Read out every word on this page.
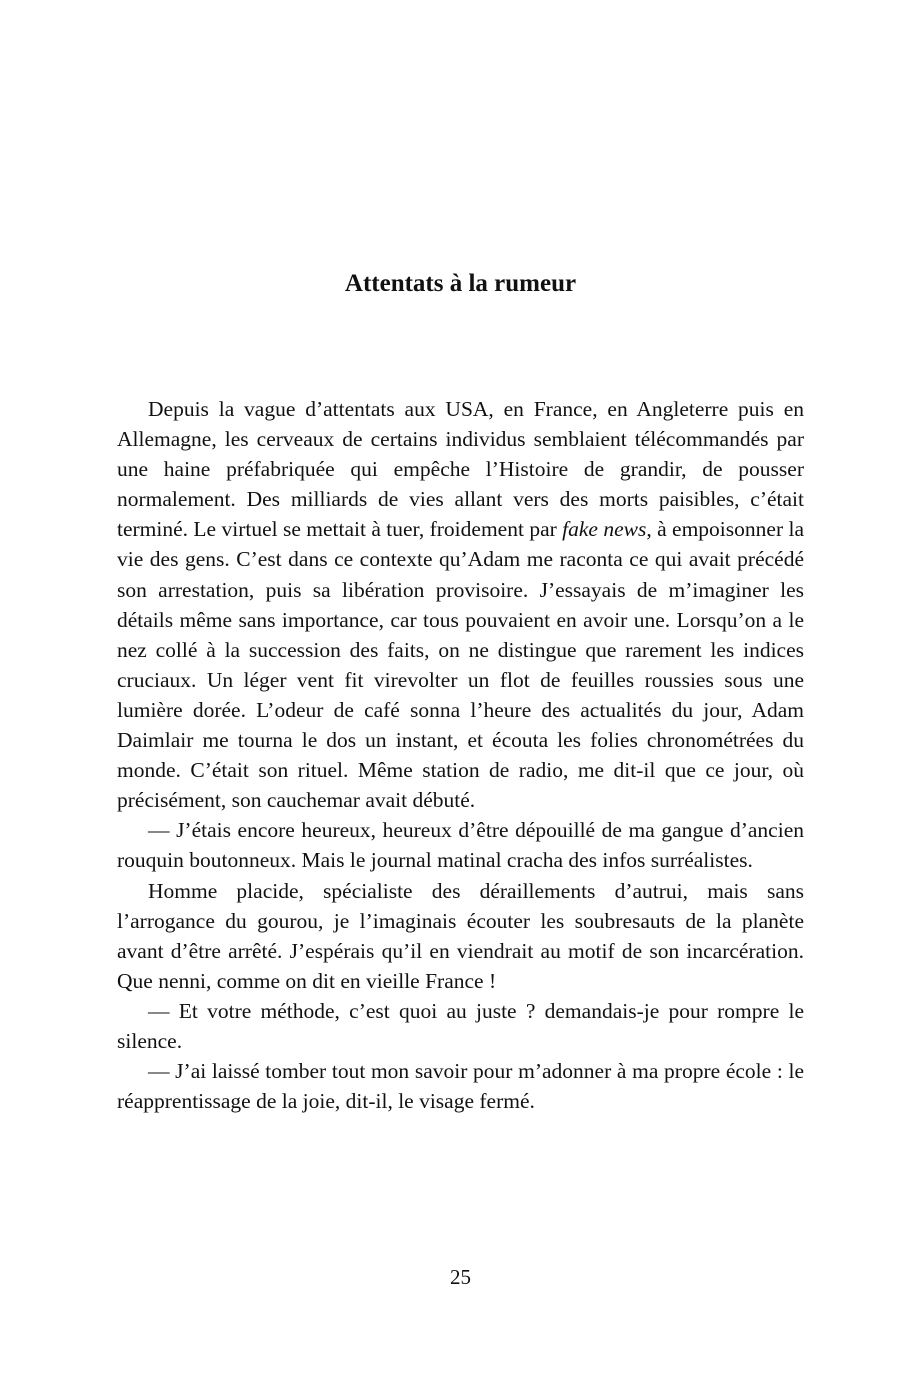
Attentats à la rumeur

Depuis la vague d’attentats aux USA, en France, en Angleterre puis en Allemagne, les cerveaux de certains individus semblaient télécommandés par une haine préfabriquée qui empêche l’Histoire de grandir, de pousser normalement. Des milliards de vies allant vers des morts paisibles, c’était terminé. Le virtuel se mettait à tuer, froidement par fake news, à empoisonner la vie des gens. C’est dans ce contexte qu’Adam me raconta ce qui avait précédé son arrestation, puis sa libération provisoire. J’essayais de m’imaginer les détails même sans importance, car tous pouvaient en avoir une. Lorsqu’on a le nez collé à la succession des faits, on ne distingue que rarement les indices cruciaux. Un léger vent fit virevolter un flot de feuilles roussies sous une lumière dorée. L’odeur de café sonna l’heure des actualités du jour, Adam Daimlair me tourna le dos un instant, et écouta les folies chronométrées du monde. C’était son rituel. Même station de radio, me dit-il que ce jour, où précisément, son cauchemar avait débuté.

— J’étais encore heureux, heureux d’être dépouillé de ma gangue d’ancien rouquin boutonneux. Mais le journal matinal cracha des infos surréalistes.

Homme placide, spécialiste des déraillements d’autrui, mais sans l’arrogance du gourou, je l’imaginais écouter les soubresauts de la planète avant d’être arrêté. J’espérais qu’il en viendrait au motif de son incarcération. Que nenni, comme on dit en vieille France !

— Et votre méthode, c’est quoi au juste ? demandais-je pour rompre le silence.

— J’ai laissé tomber tout mon savoir pour m’adonner à ma propre école : le réapprentissage de la joie, dit-il, le visage fermé.

25
